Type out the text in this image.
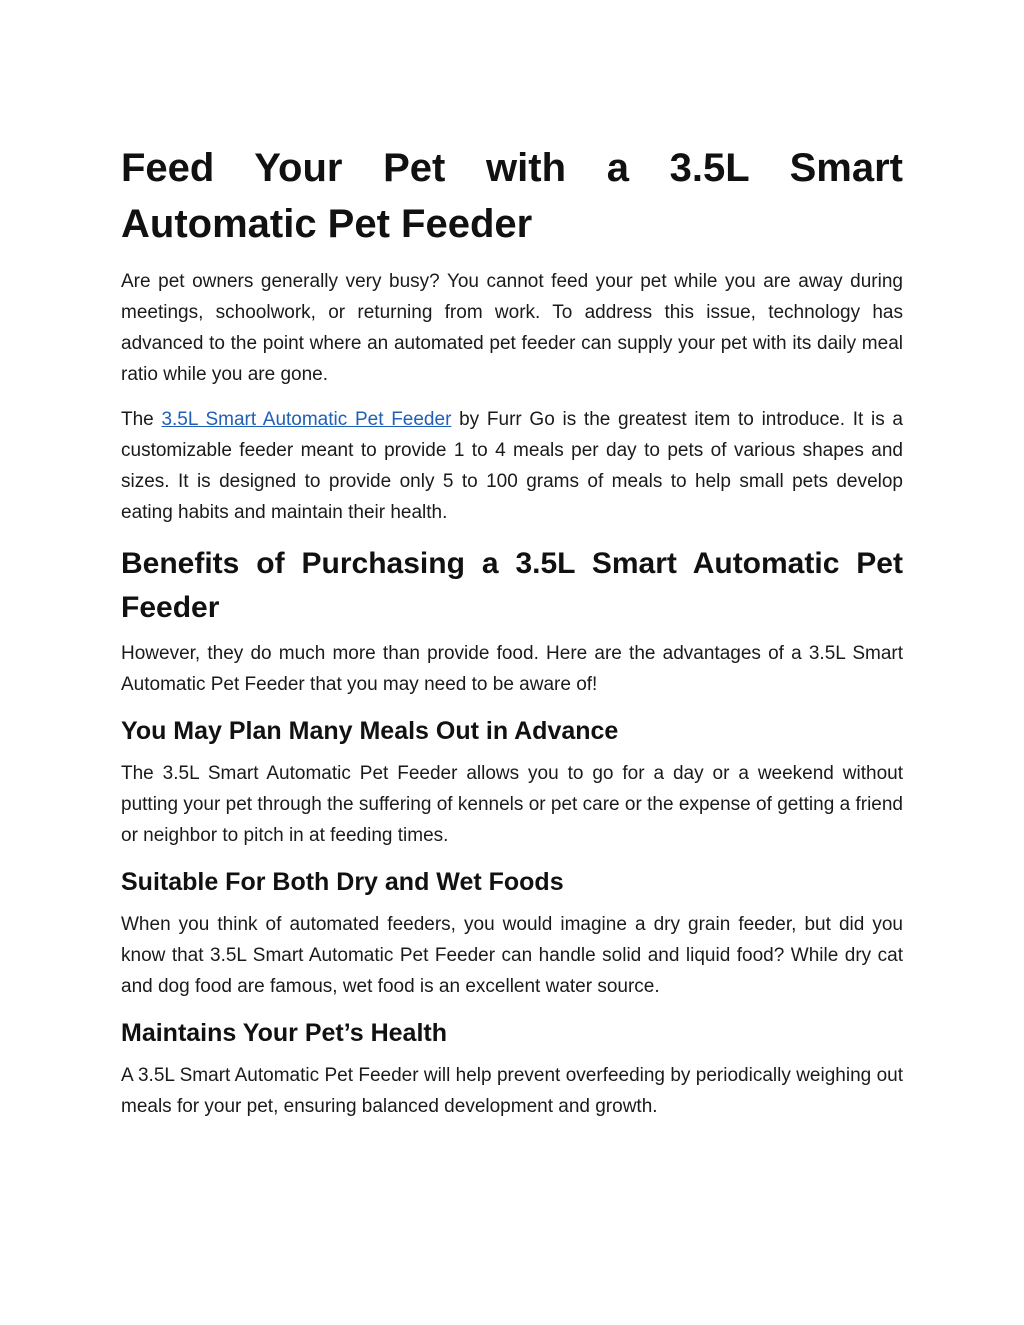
Feed Your Pet with a 3.5L Smart Automatic Pet Feeder

Are pet owners generally very busy? You cannot feed your pet while you are away during meetings, schoolwork, or returning from work. To address this issue, technology has advanced to the point where an automated pet feeder can supply your pet with its daily meal ratio while you are gone.

The 3.5L Smart Automatic Pet Feeder by Furr Go is the greatest item to introduce. It is a customizable feeder meant to provide 1 to 4 meals per day to pets of various shapes and sizes. It is designed to provide only 5 to 100 grams of meals to help small pets develop eating habits and maintain their health.

Benefits of Purchasing a 3.5L Smart Automatic Pet Feeder

However, they do much more than provide food. Here are the advantages of a 3.5L Smart Automatic Pet Feeder that you may need to be aware of!

You May Plan Many Meals Out in Advance

The 3.5L Smart Automatic Pet Feeder allows you to go for a day or a weekend without putting your pet through the suffering of kennels or pet care or the expense of getting a friend or neighbor to pitch in at feeding times.

Suitable For Both Dry and Wet Foods

When you think of automated feeders, you would imagine a dry grain feeder, but did you know that 3.5L Smart Automatic Pet Feeder can handle solid and liquid food? While dry cat and dog food are famous, wet food is an excellent water source.

Maintains Your Pet’s Health

A 3.5L Smart Automatic Pet Feeder will help prevent overfeeding by periodically weighing out meals for your pet, ensuring balanced development and growth.
